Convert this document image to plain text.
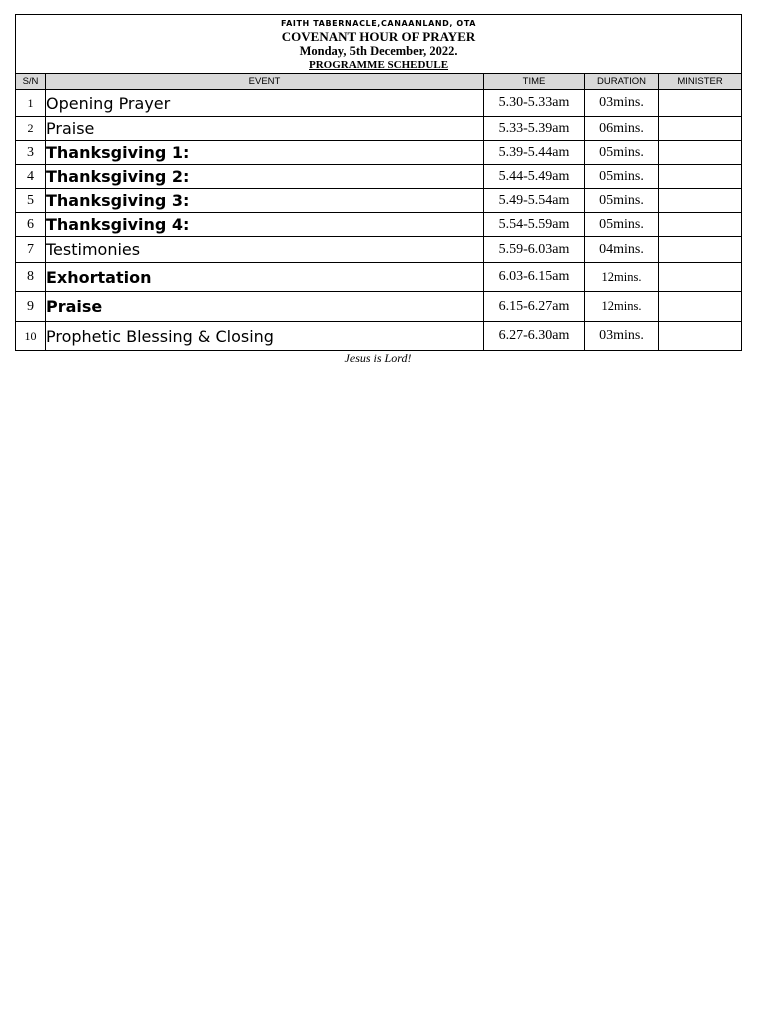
FAITH TABERNACLE,CANAANLAND, OTA
COVENANT HOUR OF PRAYER
Monday, 5th December, 2022.
PROGRAMME SCHEDULE				

S/N	EVENT	TIME	DURATION	MINISTER
1	Opening Prayer	5.30-5.33am	03mins.	
2	Praise	5.33-5.39am	06mins.	
3	Thanksgiving 1:	5.39-5.44am	05mins.	
4	Thanksgiving 2:	5.44-5.49am	05mins.	
5	Thanksgiving 3:	5.49-5.54am	05mins.	
6	Thanksgiving 4:	5.54-5.59am	05mins.	
7	Testimonies	5.59-6.03am	04mins.	
8	Exhortation	6.03-6.15am	12mins.	
9	Praise	6.15-6.27am	12mins.	
10	Prophetic Blessing & Closing	6.27-6.30am	03mins.	
Jesus is Lord!
